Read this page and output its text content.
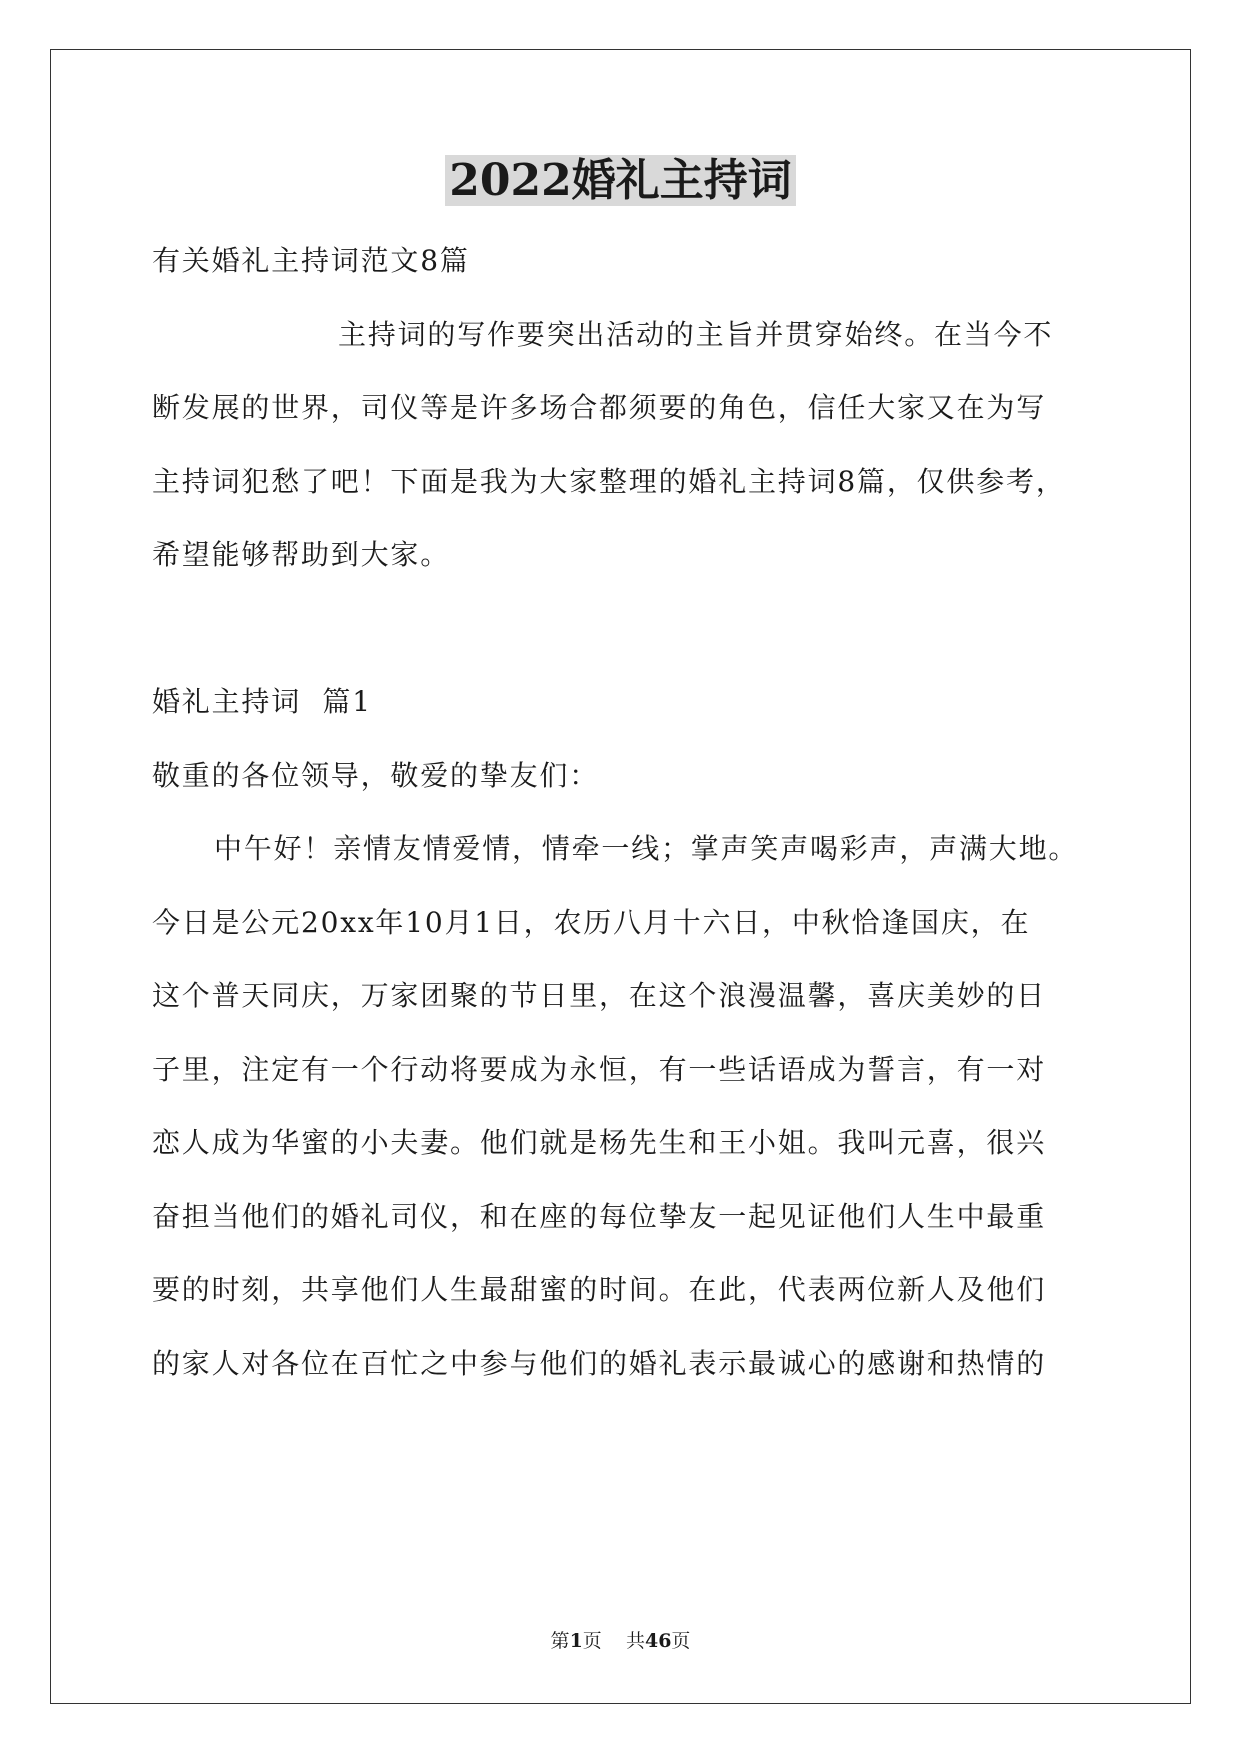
2022婚礼主持词
有关婚礼主持词范文8篇
主持词的写作要突出活动的主旨并贯穿始终。在当今不
断发展的世界，司仪等是许多场合都须要的角色，信任大家又在为写
主持词犯愁了吧！下面是我为大家整理的婚礼主持词8篇，仅供参考，
希望能够帮助到大家。
婚礼主持词  篇1
敬重的各位领导，敬爱的挚友们：
中午好！亲情友情爱情，情牵一线；掌声笑声喝彩声，声满大地。
今日是公元20xx年10月1日，农历八月十六日，中秋恰逢国庆，在
这个普天同庆，万家团聚的节日里，在这个浪漫温馨，喜庆美妙的日
子里，注定有一个行动将要成为永恒，有一些话语成为誓言，有一对
恋人成为华蜜的小夫妻。他们就是杨先生和王小姐。我叫元喜，很兴
奋担当他们的婚礼司仪，和在座的每位挚友一起见证他们人生中最重
要的时刻，共享他们人生最甜蜜的时间。在此，代表两位新人及他们
的家人对各位在百忙之中参与他们的婚礼表示最诚心的感谢和热情的
第1页    共46页
